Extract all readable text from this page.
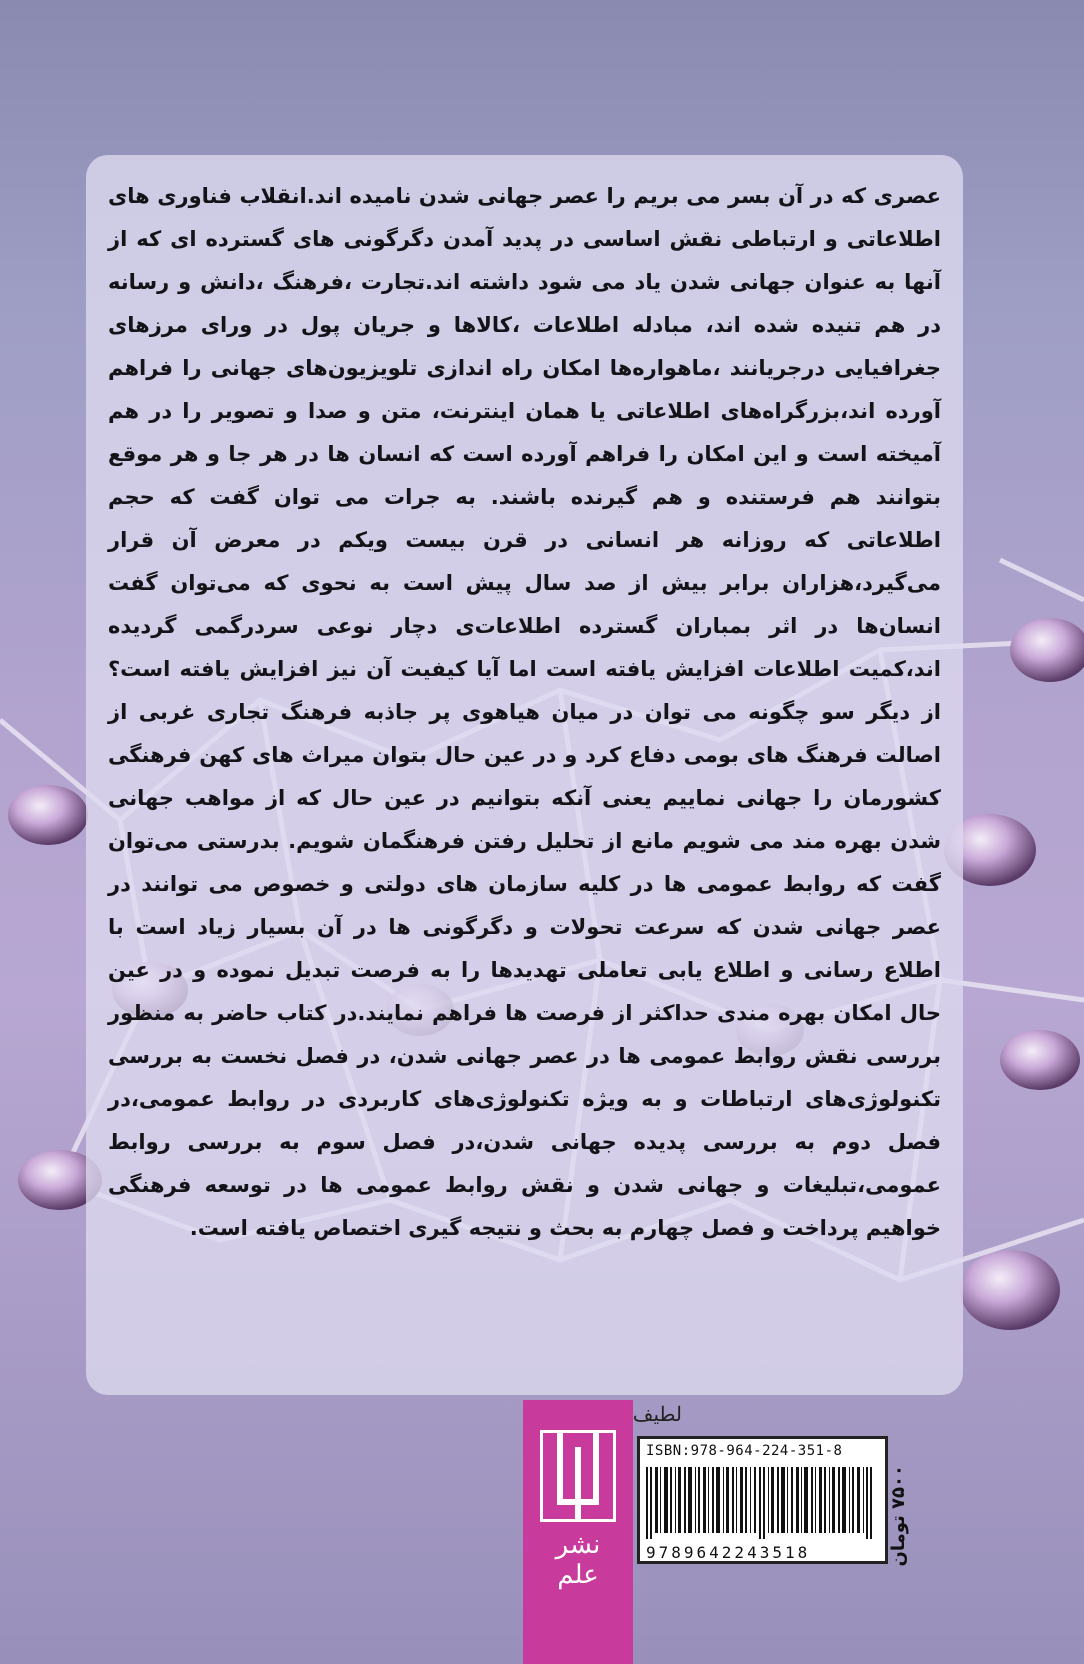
عصری که در آن بسر می بریم را عصر جهانی شدن نامیده اند.انقلاب فناوری های اطلاعاتی و ارتباطی نقش اساسی در پدید آمدن دگرگونی های گسترده ای که از آنها به عنوان جهانی شدن یاد می شود داشته اند.تجارت ،فرهنگ ،دانش و رسانه در هم تنیده شده اند، مبادله اطلاعات ،کالاها و جریان پول در ورای مرزهای جغرافیایی درجریانند ،ماهواره‌ها امکان راه اندازی تلویزیون‌های جهانی را فراهم آورده اند،بزرگراه‌های اطلاعاتی یا همان اینترنت، متن و صدا و تصویر را در هم آمیخته است و این امکان را فراهم آورده است که انسان ها در هر جا و هر موقع بتوانند هم فرستنده و هم گیرنده باشند. به جرات می توان گفت که حجم اطلاعاتی که روزانه هر انسانی در قرن بیست ویکم در معرض آن قرار می‌گیرد،هزاران برابر بیش از صد سال پیش است به نحوی که می‌توان گفت انسان‌ها در اثر بمباران گسترده اطلاعات‌ی دچار نوعی سردرگمی گردیده اند،کمیت اطلاعات افزایش یافته است اما آیا کیفیت آن نیز افزایش یافته است؟ از دیگر سو چگونه می توان در میان هیاهوی پر جاذبه فرهنگ تجاری غربی از اصالت فرهنگ های بومی دفاع کرد و در عین حال بتوان میراث های کهن فرهنگی کشورمان را جهانی نماییم یعنی آنکه بتوانیم در عین حال که از مواهب جهانی شدن بهره مند می شویم مانع از تحلیل رفتن فرهنگمان شویم. بدرستی می‌توان گفت که روابط عمومی ها در کلیه سازمان های دولتی و خصوص می توانند در عصر جهانی شدن که سرعت تحولات و دگرگونی ها در آن بسیار زیاد است با اطلاع رسانی و اطلاع یابی تعاملی تهدیدها را به فرصت تبدیل نموده و در عین حال امکان بهره مندی حداکثر از فرصت ها فراهم نمایند.در کتاب حاضر به منظور بررسی نقش روابط عمومی ها در عصر جهانی شدن، در فصل نخست به بررسی تکنولوژی‌های ارتباطات و به ویژه تکنولوژی‌های کاربردی در روابط عمومی،در فصل دوم به بررسی پدیده جهانی شدن،در فصل سوم به بررسی روابط عمومی،تبلیغات و جهانی شدن و نقش روابط عمومی ها در توسعه فرهنگی خواهیم پرداخت و فصل چهارم به بحث و نتیجه گیری اختصاص یافته است.

نشر علم
لطیف
ISBN:978-964-224-351-8
9789642243518	۷۵۰۰ تومان
